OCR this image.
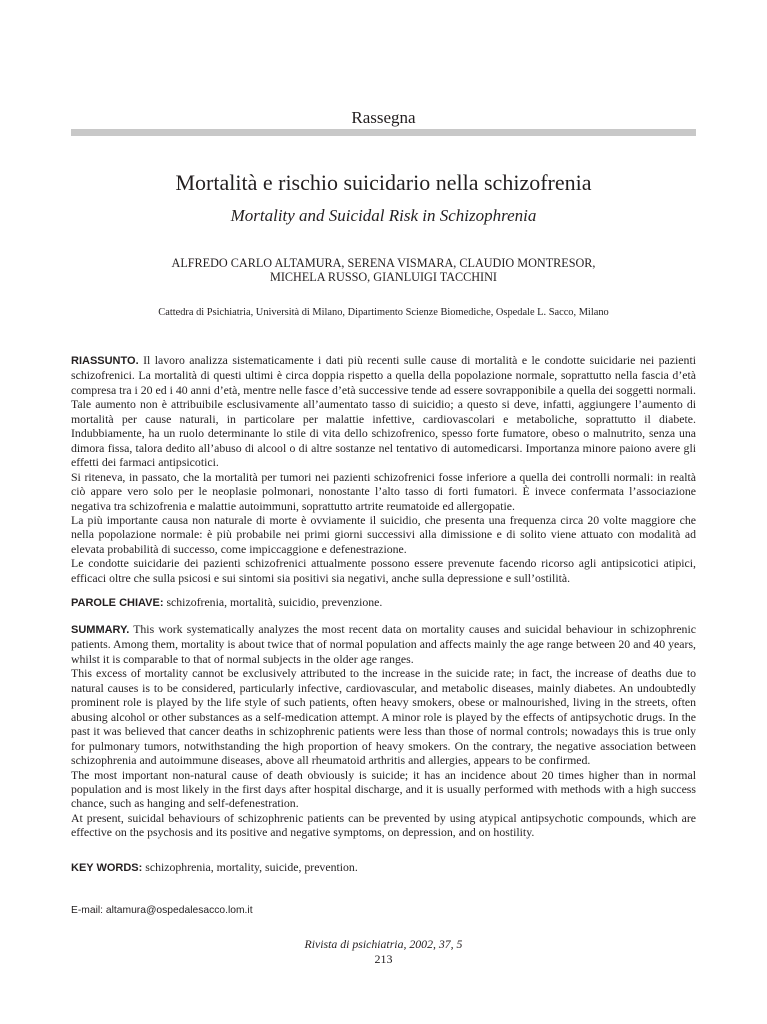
Rassegna
Mortalità e rischio suicidario nella schizofrenia
Mortality and Suicidal Risk in Schizophrenia
ALFREDO CARLO ALTAMURA, SERENA VISMARA, CLAUDIO MONTRESOR,
MICHELA RUSSO, GIANLUIGI TACCHINI
Cattedra di Psichiatria, Università di Milano, Dipartimento Scienze Biomediche, Ospedale L. Sacco, Milano

RIASSUNTO. Il lavoro analizza sistematicamente i dati più recenti sulle cause di mortalità e le condotte suicidarie nei pazienti schizofrenici. La mortalità di questi ultimi è circa doppia rispetto a quella della popolazione normale, soprattutto nella fascia d’età compresa tra i 20 ed i 40 anni d’età, mentre nelle fasce d’età successive tende ad essere sovrapponibile a quella dei soggetti normali. Tale aumento non è attribuibile esclusivamente all’aumentato tasso di suicidio; a questo si deve, infatti, aggiungere l’aumento di mortalità per cause naturali, in particolare per malattie infettive, cardiovascolari e metaboliche, soprattutto il diabete. Indubbiamente, ha un ruolo determinante lo stile di vita dello schizofrenico, spesso forte fumatore, obeso o malnutrito, senza una dimora fissa, talora dedito all’abuso di alcool o di altre sostanze nel tentativo di automedicarsi. Importanza minore paiono avere gli effetti dei farmaci antipsicotici.

Si riteneva, in passato, che la mortalità per tumori nei pazienti schizofrenici fosse inferiore a quella dei controlli normali: in realtà ciò appare vero solo per le neoplasie polmonari, nonostante l’alto tasso di forti fumatori. È invece confermata l’associazione negativa tra schizofrenia e malattie autoimmuni, soprattutto artrite reumatoide ed allergopatie.

La più importante causa non naturale di morte è ovviamente il suicidio, che presenta una frequenza circa 20 volte maggiore che nella popolazione normale: è più probabile nei primi giorni successivi alla dimissione e di solito viene attuato con modalità ad elevata probabilità di successo, come impiccaggione e defenestrazione.

Le condotte suicidarie dei pazienti schizofrenici attualmente possono essere prevenute facendo ricorso agli antipsicotici atipici, efficaci oltre che sulla psicosi e sui sintomi sia positivi sia negativi, anche sulla depressione e sull’ostilità.

PAROLE CHIAVE: schizofrenia, mortalità, suicidio, prevenzione.

SUMMARY. This work systematically analyzes the most recent data on mortality causes and suicidal behaviour in schizophrenic patients. Among them, mortality is about twice that of normal population and affects mainly the age range between 20 and 40 years, whilst it is comparable to that of normal subjects in the older age ranges.

This excess of mortality cannot be exclusively attributed to the increase in the suicide rate; in fact, the increase of deaths due to natural causes is to be considered, particularly infective, cardiovascular, and metabolic diseases, mainly diabetes. An undoubtedly prominent role is played by the life style of such patients, often heavy smokers, obese or malnourished, living in the streets, often abusing alcohol or other substances as a self-medication attempt. A minor role is played by the effects of antipsychotic drugs. In the past it was believed that cancer deaths in schizophrenic patients were less than those of normal controls; nowadays this is true only for pulmonary tumors, notwithstanding the high proportion of heavy smokers. On the contrary, the negative association between schizophrenia and autoimmune diseases, above all rheumatoid arthritis and allergies, appears to be confirmed.

The most important non-natural cause of death obviously is suicide; it has an incidence about 20 times higher than in normal population and is most likely in the first days after hospital discharge, and it is usually performed with methods with a high success chance, such as hanging and self-defenestration.

At present, suicidal behaviours of schizophrenic patients can be prevented by using atypical antipsychotic compounds, which are effective on the psychosis and its positive and negative symptoms, on depression, and on hostility.

KEY WORDS: schizophrenia, mortality, suicide, prevention.

E-mail: altamura@ospedalesacco.lom.it
Rivista di psichiatria, 2002, 37, 5
213
